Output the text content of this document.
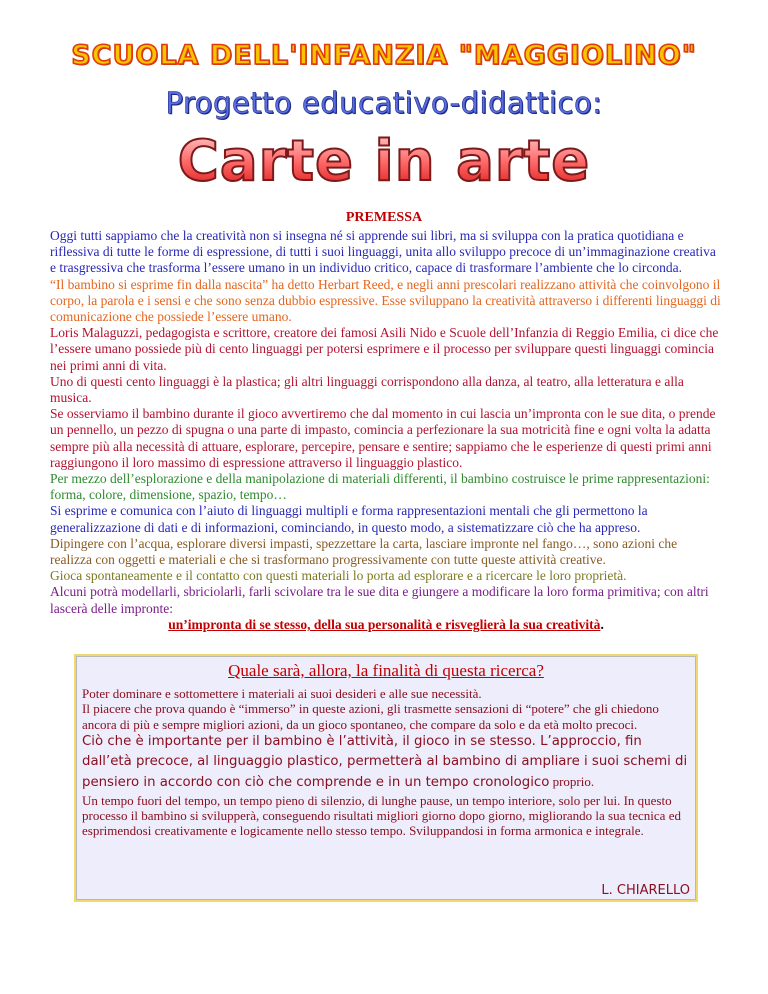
SCUOLA DELL'INFANZIA "MAGGIOLINO"
Progetto educativo-didattico:
Carte in arte
PREMESSA

Oggi tutti sappiamo che la creatività non si insegna né si apprende sui libri, ma si sviluppa con la pratica quotidiana e riflessiva di tutte le forme di espressione, di tutti i suoi linguaggi, unita allo sviluppo precoce di un’immaginazione creativa e trasgressiva che trasforma l’essere umano in un individuo critico, capace di trasformare l’ambiente che lo circonda.

“Il bambino si esprime fin dalla nascita” ha detto Herbart Reed, e negli anni prescolari realizzano attività che coinvolgono il corpo, la parola e i sensi e che sono senza dubbio espressive. Esse sviluppano la creatività attraverso i differenti linguaggi di comunicazione che possiede l’essere umano.

Loris Malaguzzi, pedagogista e scrittore, creatore dei famosi Asili Nido e Scuole dell’Infanzia di Reggio Emilia, ci dice che l’essere umano possiede più di cento linguaggi per potersi esprimere e il processo per sviluppare questi linguaggi comincia nei primi anni di vita.

Uno di questi cento linguaggi è la plastica; gli altri linguaggi corrispondono alla danza, al teatro, alla letteratura e alla musica.

Se osserviamo il bambino durante il gioco avvertiremo che dal momento in cui lascia un’impronta con le sue dita, o prende un pennello, un pezzo di spugna o una parte di impasto, comincia a perfezionare la sua motricità fine e ogni volta la adatta sempre più alla necessità di attuare, esplorare, percepire, pensare e sentire; sappiamo che le esperienze di questi primi anni raggiungono il loro massimo di espressione attraverso il linguaggio plastico.

Per mezzo dell’esplorazione e della manipolazione di materiali differenti, il bambino costruisce le prime rappresentazioni: forma, colore, dimensione, spazio, tempo…

Si esprime e comunica con l’aiuto di linguaggi multipli e forma rappresentazioni mentali che gli permettono la generalizzazione di dati e di informazioni, cominciando, in questo modo, a sistematizzare ciò che ha appreso.

Dipingere con l’acqua, esplorare diversi impasti, spezzettare la carta, lasciare impronte nel fango…, sono azioni che realizza con oggetti e materiali e che si trasformano progressivamente con tutte queste attività creative.

Gioca spontaneamente e il contatto con questi materiali lo porta ad esplorare e a ricercare le loro proprietà.

Alcuni potrà modellarli, sbriciolarli, farli scivolare tra le sue dita e giungere a modificare la loro forma primitiva; con altri lascerà delle impronte:

un’impronta di se stesso, della sua personalità e risveglierà la sua creatività.

Quale sarà, allora, la finalità di questa ricerca?

Poter dominare e sottomettere i materiali ai suoi desideri e alle sue necessità.

Il piacere che prova quando è “immerso” in queste azioni, gli trasmette sensazioni di “potere” che gli chiedono ancora di più e sempre migliori azioni, da un gioco spontaneo, che compare da solo e da età molto precoci.

Ciò che è importante per il bambino è l’attività, il gioco in se stesso. L’approccio, fin dall’età precoce, al linguaggio plastico, permetterà al bambino di ampliare i suoi schemi di pensiero in accordo con ciò che comprende e in un tempo cronologico proprio.

Un tempo fuori del tempo, un tempo pieno di silenzio, di lunghe pause, un tempo interiore, solo per lui. In questo processo il bambino si svilupperà, conseguendo risultati migliori giorno dopo giorno, migliorando la sua tecnica ed esprimendosi creativamente e logicamente nello stesso tempo. Sviluppandosi in forma armonica e integrale.

L. CHIARELLO
